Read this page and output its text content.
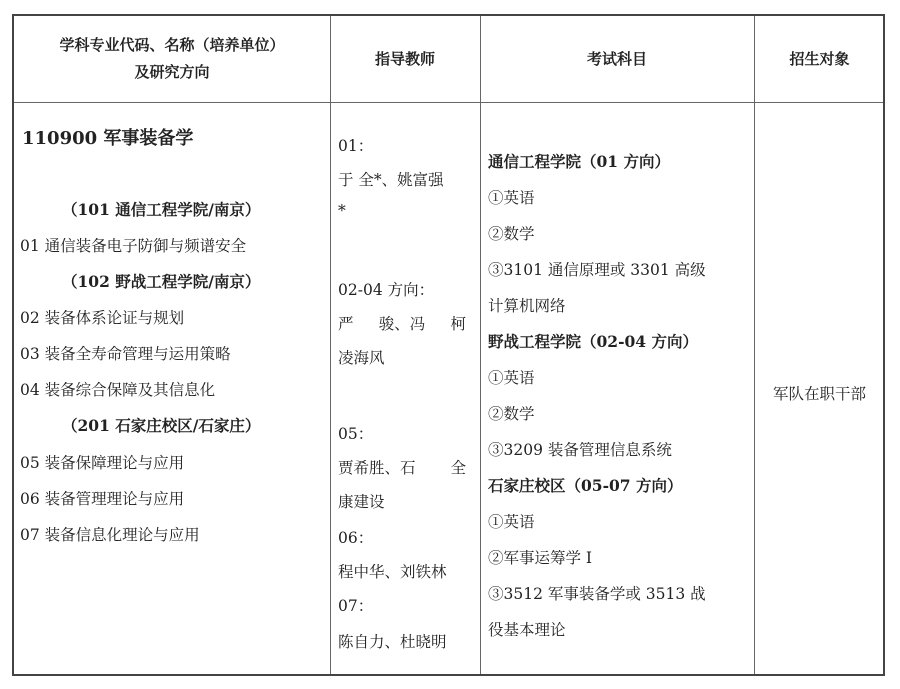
学科专业代码、名称（培养单位）
及研究方向
指导教师	考试科目	招生对象
110900 军事装备学
（101 通信工程学院/南京）
01 通信装备电子防御与频谱安全
（102 野战工程学院/南京）
02 装备体系论证与规划
03 装备全寿命管理与运用策略
04 装备综合保障及其信息化
（201 石家庄校区/石家庄）
05 装备保障理论与应用
06 装备管理理论与应用
07 装备信息化理论与应用
01：
于 全*、姚富强
*
02-04 方向：
严 骏、冯 柯
凌海风
05：
贾希胜、石 全
康建设
06：
程中华、刘铁林
07：
陈自力、杜晓明
通信工程学院（01 方向）
①英语
②数学
③3101 通信原理或 3301 高级
计算机网络
野战工程学院（02-04 方向）
①英语
②数学
③3209 装备管理信息系统
石家庄校区（05-07 方向）
①英语
②军事运筹学 I
③3512 军事装备学或 3513 战
役基本理论
军队在职干部
